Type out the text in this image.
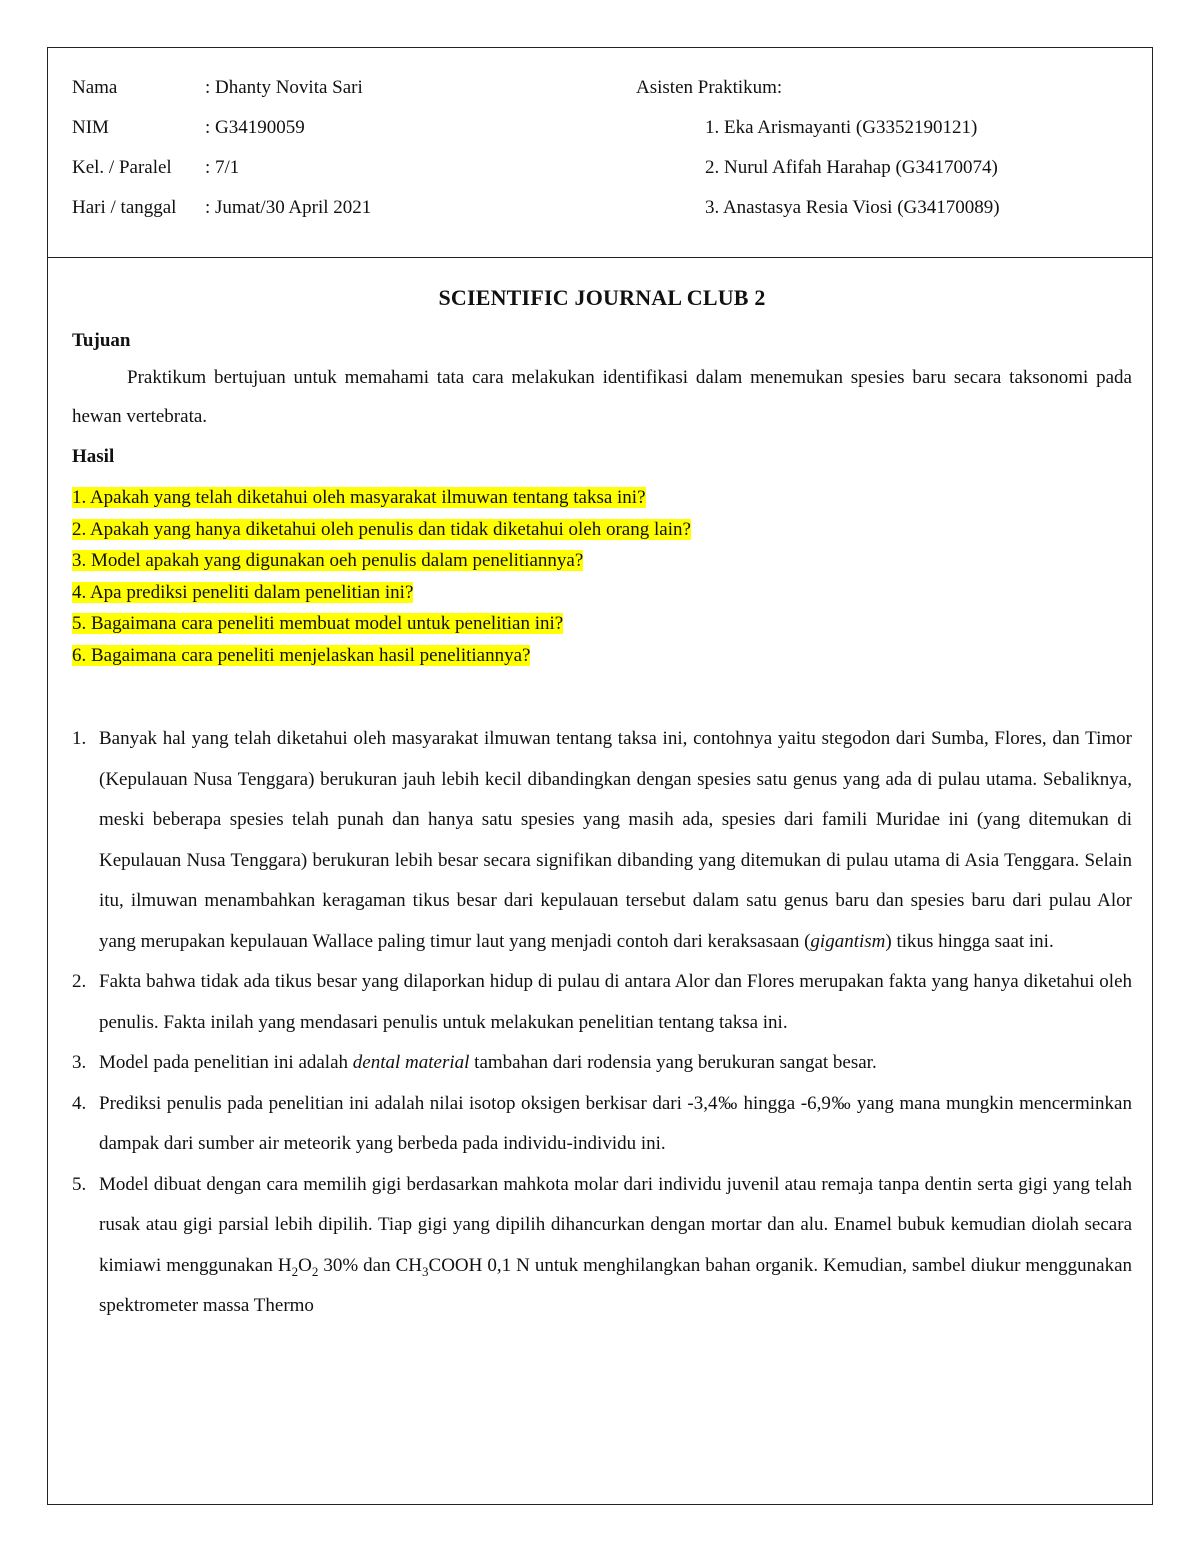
Nama	: Dhanty Novita Sari
NIM	: G34190059
Kel. / Paralel : 7/1
Hari / tanggal : Jumat/30 April 2021
Asisten Praktikum:
1. Eka Arismayanti (G3352190121)
2. Nurul Afifah Harahap (G34170074)
3. Anastasya Resia Viosi (G34170089)
SCIENTIFIC JOURNAL CLUB 2
Tujuan

Praktikum bertujuan untuk memahami tata cara melakukan identifikasi dalam menemukan spesies baru secara taksonomi pada hewan vertebrata.

Hasil
1. Apakah yang telah diketahui oleh masyarakat ilmuwan tentang taksa ini?
2. Apakah yang hanya diketahui oleh penulis dan tidak diketahui oleh orang lain?
3. Model apakah yang digunakan oeh penulis dalam penelitiannya?
4. Apa prediksi peneliti dalam penelitian ini?
5. Bagaimana cara peneliti membuat model untuk penelitian ini?
6. Bagaimana cara peneliti menjelaskan hasil penelitiannya?
1. Banyak hal yang telah diketahui oleh masyarakat ilmuwan tentang taksa ini, contohnya yaitu stegodon dari Sumba, Flores, dan Timor (Kepulauan Nusa Tenggara) berukuran jauh lebih kecil dibandingkan dengan spesies satu genus yang ada di pulau utama. Sebaliknya, meski beberapa spesies telah punah dan hanya satu spesies yang masih ada, spesies dari famili Muridae ini (yang ditemukan di Kepulauan Nusa Tenggara) berukuran lebih besar secara signifikan dibanding yang ditemukan di pulau utama di Asia Tenggara. Selain itu, ilmuwan menambahkan keragaman tikus besar dari kepulauan tersebut dalam satu genus baru dan spesies baru dari pulau Alor yang merupakan kepulauan Wallace paling timur laut yang menjadi contoh dari keraksasaan (gigantism) tikus hingga saat ini.
2. Fakta bahwa tidak ada tikus besar yang dilaporkan hidup di pulau di antara Alor dan Flores merupakan fakta yang hanya diketahui oleh penulis. Fakta inilah yang mendasari penulis untuk melakukan penelitian tentang taksa ini.
3. Model pada penelitian ini adalah dental material tambahan dari rodensia yang berukuran sangat besar.
4. Prediksi penulis pada penelitian ini adalah nilai isotop oksigen berkisar dari -3,4‰ hingga -6,9‰ yang mana mungkin mencerminkan dampak dari sumber air meteorik yang berbeda pada individu-individu ini.
5. Model dibuat dengan cara memilih gigi berdasarkan mahkota molar dari individu juvenil atau remaja tanpa dentin serta gigi yang telah rusak atau gigi parsial lebih dipilih. Tiap gigi yang dipilih dihancurkan dengan mortar dan alu. Enamel bubuk kemudian diolah secara kimiawi menggunakan $H_2O_2$ 30% dan $CH_3COOH$ 0,1 N untuk menghilangkan bahan organik. Kemudian, sambel diukur menggunakan spektrometer massa Thermo
